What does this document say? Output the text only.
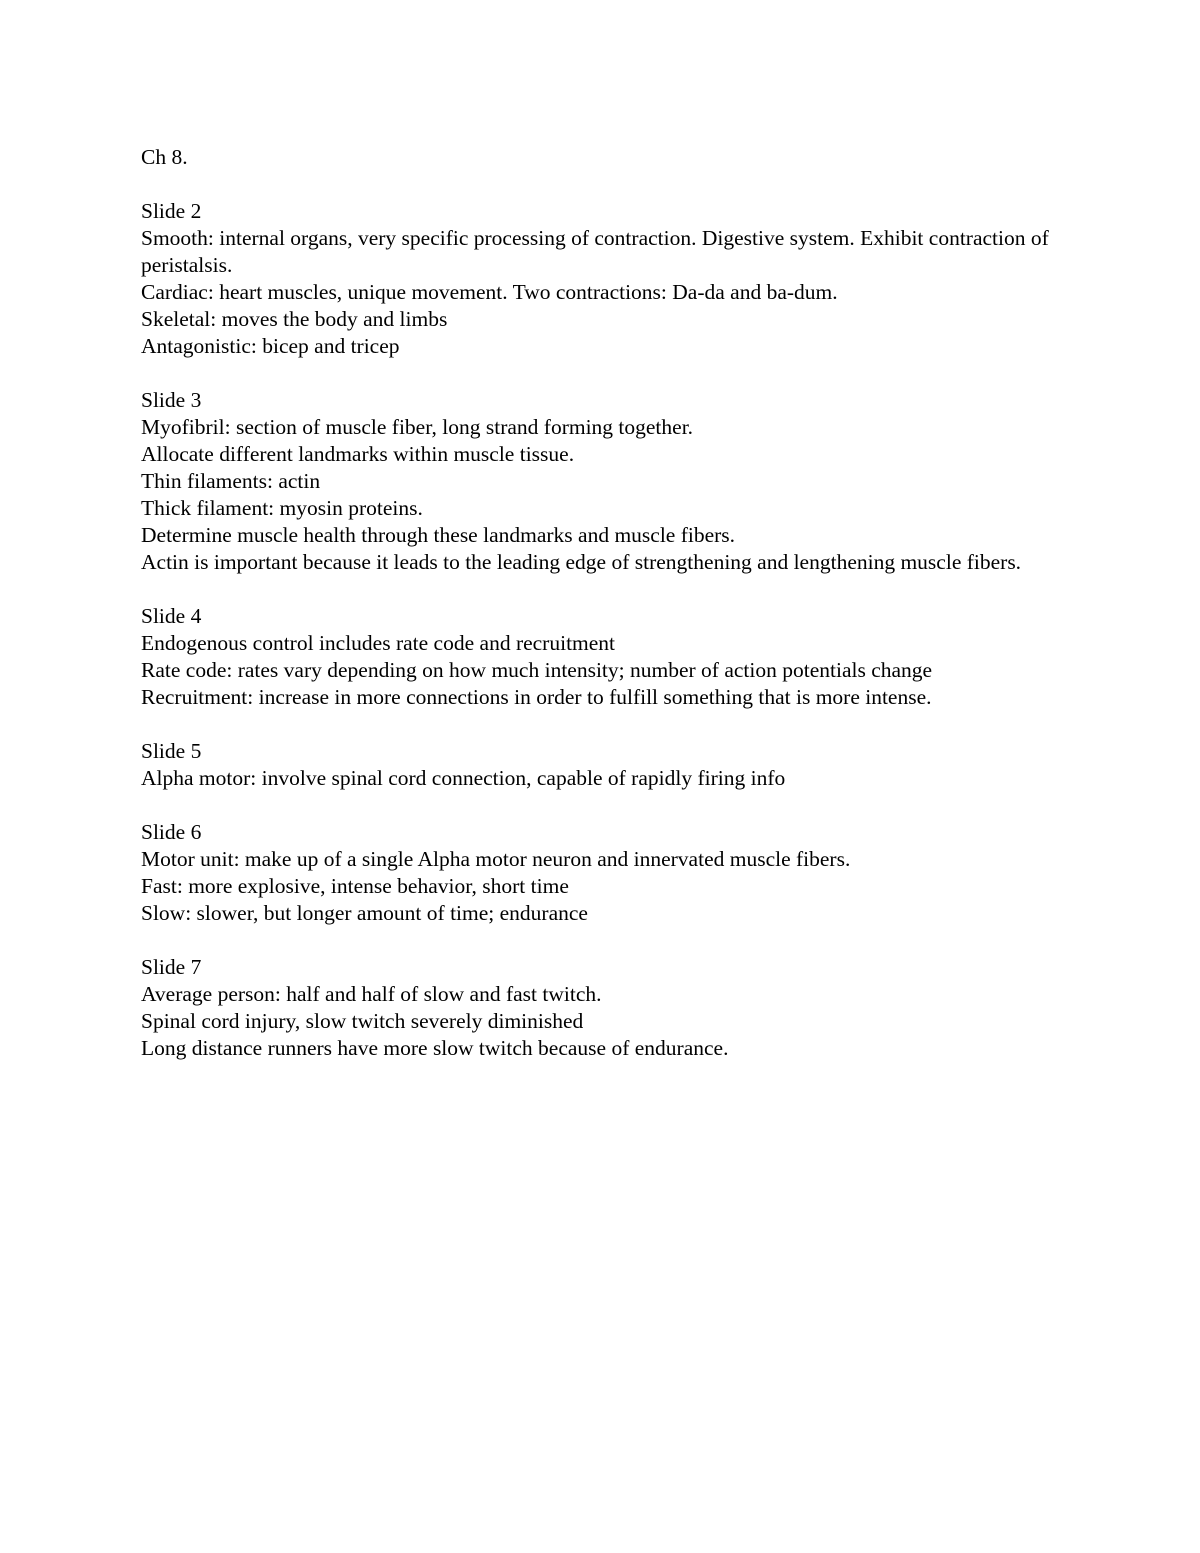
Ch 8.
Slide 2
Smooth: internal organs, very specific processing of contraction. Digestive system. Exhibit contraction of peristalsis.
Cardiac: heart muscles, unique movement. Two contractions: Da-da and ba-dum.
Skeletal: moves the body and limbs
Antagonistic: bicep and tricep
Slide 3
Myofibril: section of muscle fiber, long strand forming together.
Allocate different landmarks within muscle tissue.
Thin filaments: actin
Thick filament: myosin proteins.
Determine muscle health through these landmarks and muscle fibers.
Actin is important because it leads to the leading edge of strengthening and lengthening muscle fibers.
Slide 4
Endogenous control includes rate code and recruitment
Rate code: rates vary depending on how much intensity; number of action potentials change
Recruitment: increase in more connections in order to fulfill something that is more intense.
Slide 5
Alpha motor: involve spinal cord connection, capable of rapidly firing info
Slide 6
Motor unit: make up of a single Alpha motor neuron and innervated muscle fibers.
Fast: more explosive, intense behavior, short time
Slow: slower, but longer amount of time; endurance
Slide 7
Average person: half and half of slow and fast twitch.
Spinal cord injury, slow twitch severely diminished
Long distance runners have more slow twitch because of endurance.
